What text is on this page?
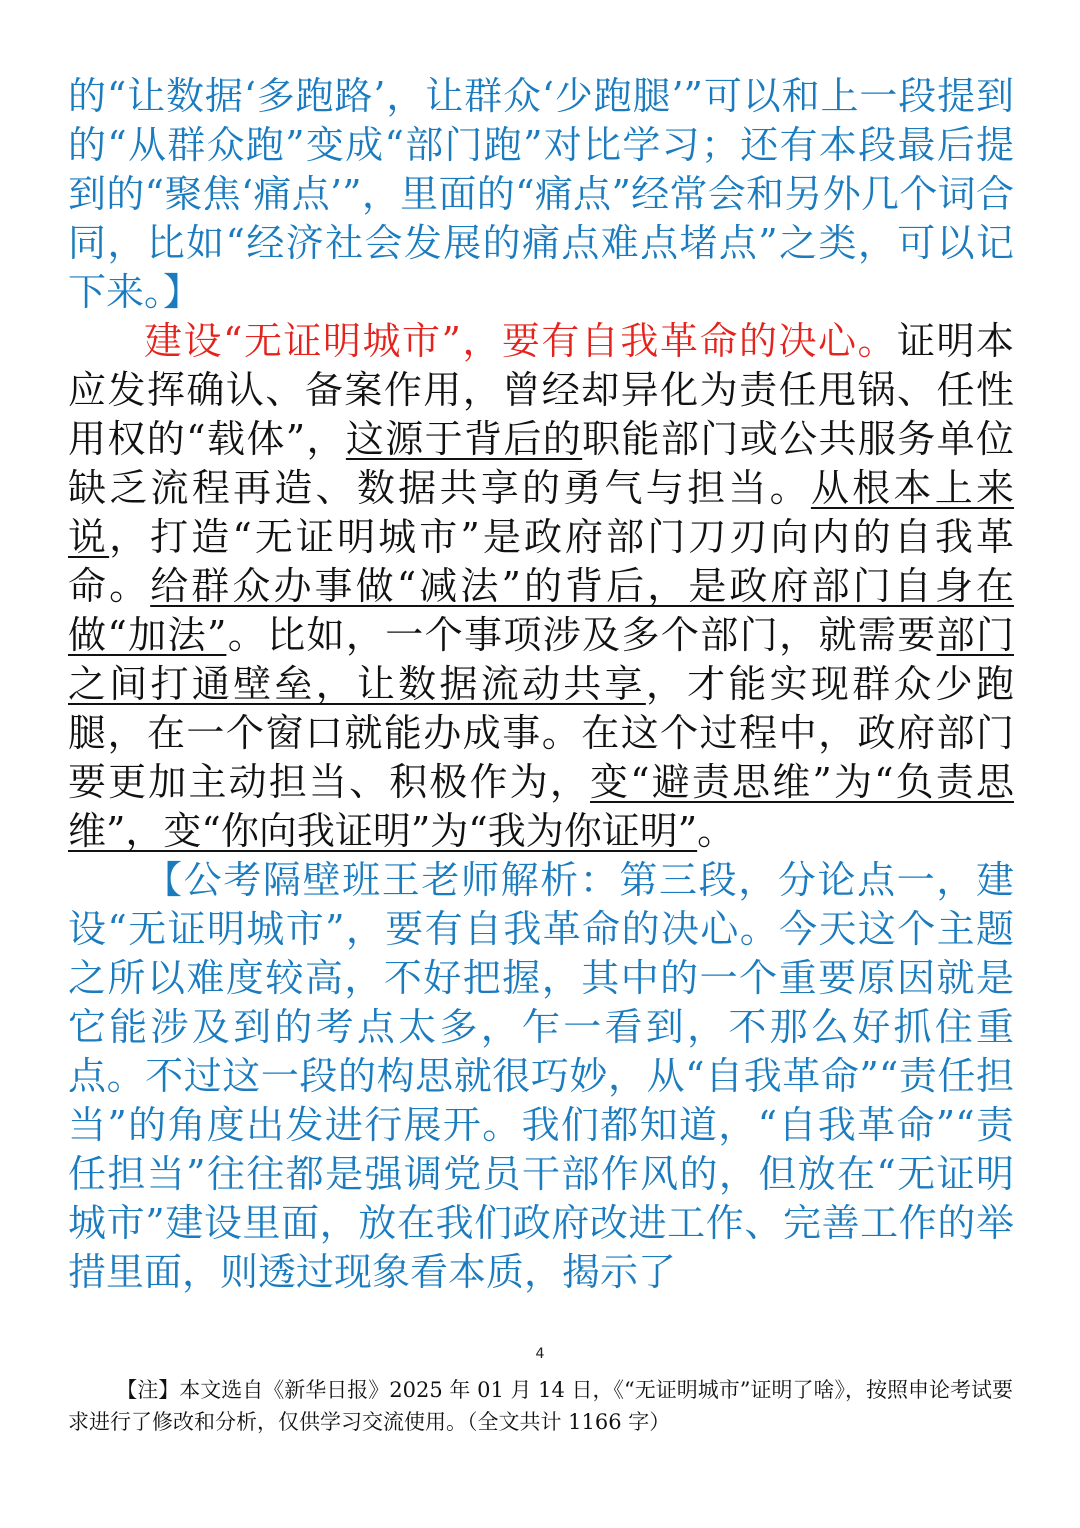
的“让数据‘多跑路’，让群众‘少跑腿’”可以和上一段提到的“从群众跑”变成“部门跑”对比学习；还有本段最后提到的“聚焦‘痛点’”，里面的“痛点”经常会和另外几个词合同，比如“经济社会发展的痛点难点堵点”之类，可以记下来。】

建设“无证明城市”，要有自我革命的决心。证明本应发挥确认、备案作用，曾经却异化为责任甩锅、任性用权的“载体”，这源于背后的职能部门或公共服务单位缺乏流程再造、数据共享的勇气与担当。从根本上来说，打造“无证明城市”是政府部门刀刃向内的自我革命。给群众办事做“减法”的背后，是政府部门自身在做“加法”。比如，一个事项涉及多个部门，就需要部门之间打通壁垒，让数据流动共享，才能实现群众少跑腿，在一个窗口就能办成事。在这个过程中，政府部门要更加主动担当、积极作为，变“避责思维”为“负责思维”，变“你向我证明”为“我为你证明”。

【公考隔壁班王老师解析：第三段，分论点一，建设“无证明城市”，要有自我革命的决心。今天这个主题之所以难度较高，不好把握，其中的一个重要原因就是它能涉及到的考点太多，乍一看到，不那么好抓住重点。不过这一段的构思就很巧妙，从“自我革命”“责任担当”的角度出发进行展开。我们都知道，“自我革命”“责任担当”往往都是强调党员干部作风的，但放在“无证明城市”建设里面，放在我们政府改进工作、完善工作的举措里面，则透过现象看本质，揭示了

4
【注】本文选自《新华日报》2025 年 01 月 14 日，《“无证明城市”证明了啥》，按照申论考试要求进行了修改和分析，仅供学习交流使用。（全文共计 1166 字）
